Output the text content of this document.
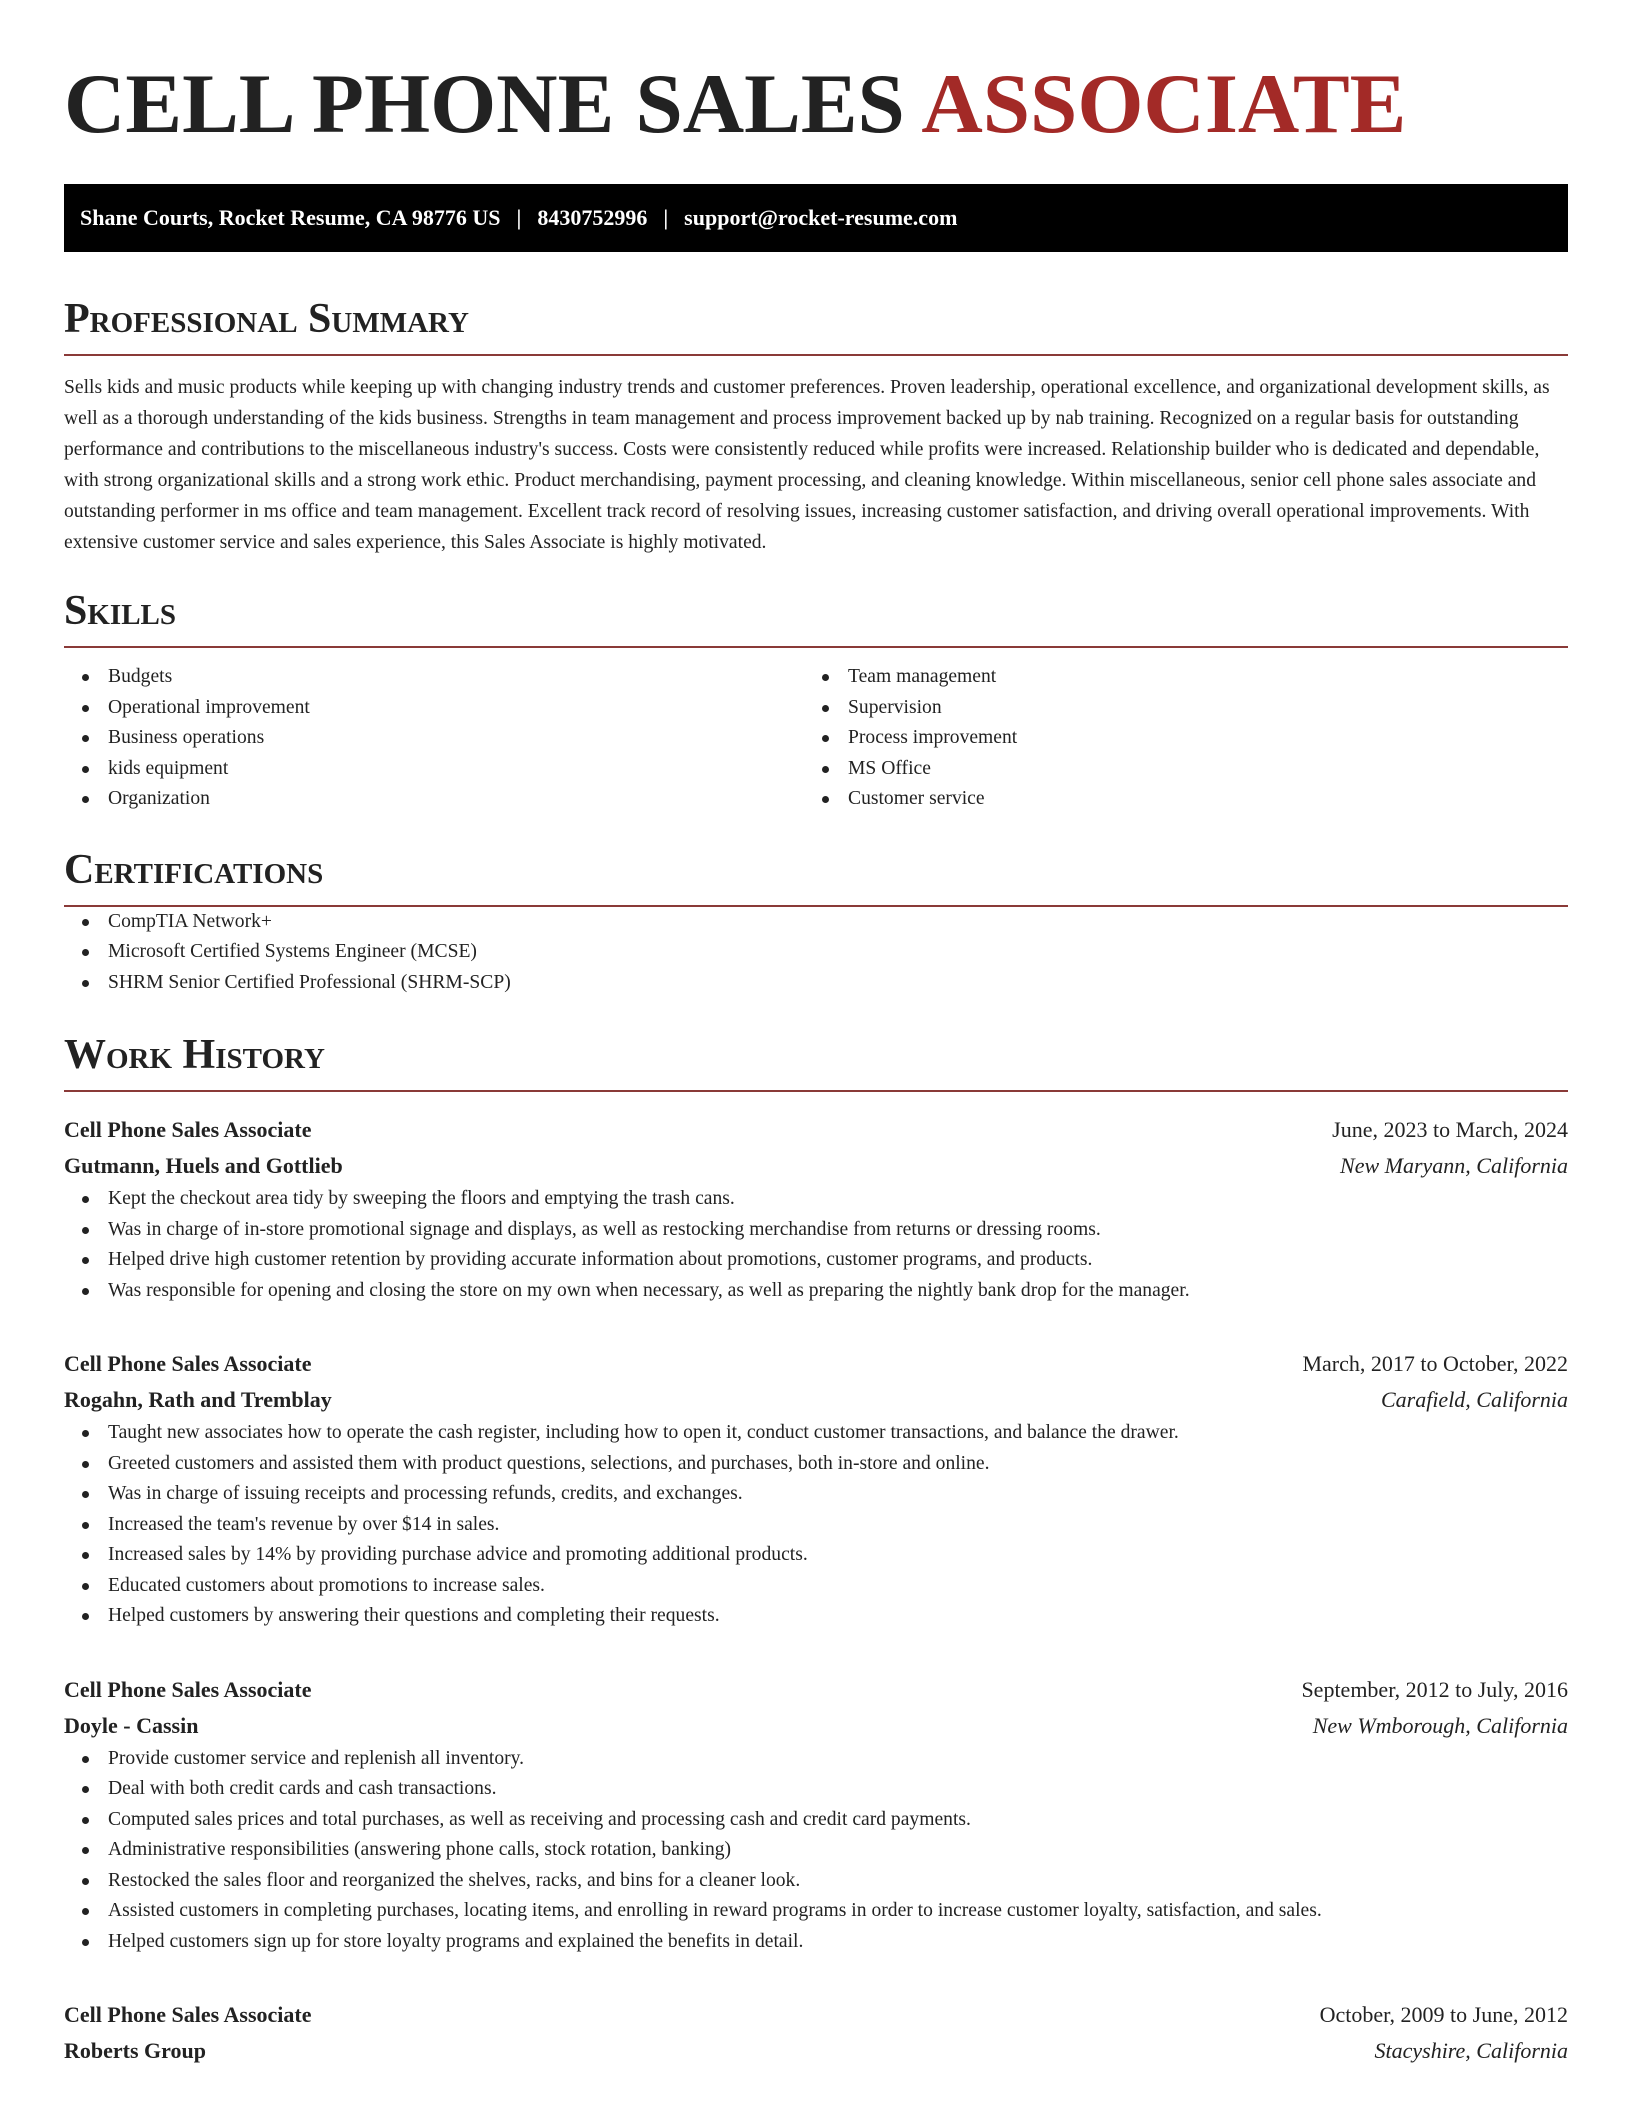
CELL PHONE SALES ASSOCIATE
Shane Courts, Rocket Resume, CA 98776 US | 8430752996 | support@rocket-resume.com
Professional Summary

Sells kids and music products while keeping up with changing industry trends and customer preferences. Proven leadership, operational excellence, and organizational development skills, as well as a thorough understanding of the kids business. Strengths in team management and process improvement backed up by nab training. Recognized on a regular basis for outstanding performance and contributions to the miscellaneous industry's success. Costs were consistently reduced while profits were increased. Relationship builder who is dedicated and dependable, with strong organizational skills and a strong work ethic. Product merchandising, payment processing, and cleaning knowledge. Within miscellaneous, senior cell phone sales associate and outstanding performer in ms office and team management. Excellent track record of resolving issues, increasing customer satisfaction, and driving overall operational improvements. With extensive customer service and sales experience, this Sales Associate is highly motivated.

Skills
Budgets
Operational improvement
Business operations
kids equipment
Organization
Team management
Supervision
Process improvement
MS Office
Customer service
Certifications
CompTIA Network+
Microsoft Certified Systems Engineer (MCSE)
SHRM Senior Certified Professional (SHRM-SCP)
Work History
Cell Phone Sales Associate	June, 2023 to March, 2024
Gutmann, Huels and Gottlieb	New Maryann, California
Kept the checkout area tidy by sweeping the floors and emptying the trash cans.
Was in charge of in-store promotional signage and displays, as well as restocking merchandise from returns or dressing rooms.
Helped drive high customer retention by providing accurate information about promotions, customer programs, and products.
Was responsible for opening and closing the store on my own when necessary, as well as preparing the nightly bank drop for the manager.
Cell Phone Sales Associate	March, 2017 to October, 2022
Rogahn, Rath and Tremblay	Carafield, California
Taught new associates how to operate the cash register, including how to open it, conduct customer transactions, and balance the drawer.
Greeted customers and assisted them with product questions, selections, and purchases, both in-store and online.
Was in charge of issuing receipts and processing refunds, credits, and exchanges.
Increased the team's revenue by over $14 in sales.
Increased sales by 14% by providing purchase advice and promoting additional products.
Educated customers about promotions to increase sales.
Helped customers by answering their questions and completing their requests.
Cell Phone Sales Associate	September, 2012 to July, 2016
Doyle - Cassin	New Wmborough, California
Provide customer service and replenish all inventory.
Deal with both credit cards and cash transactions.
Computed sales prices and total purchases, as well as receiving and processing cash and credit card payments.
Administrative responsibilities (answering phone calls, stock rotation, banking)
Restocked the sales floor and reorganized the shelves, racks, and bins for a cleaner look.
Assisted customers in completing purchases, locating items, and enrolling in reward programs in order to increase customer loyalty, satisfaction, and sales.
Helped customers sign up for store loyalty programs and explained the benefits in detail.
Cell Phone Sales Associate	October, 2009 to June, 2012
Roberts Group	Stacyshire, California
